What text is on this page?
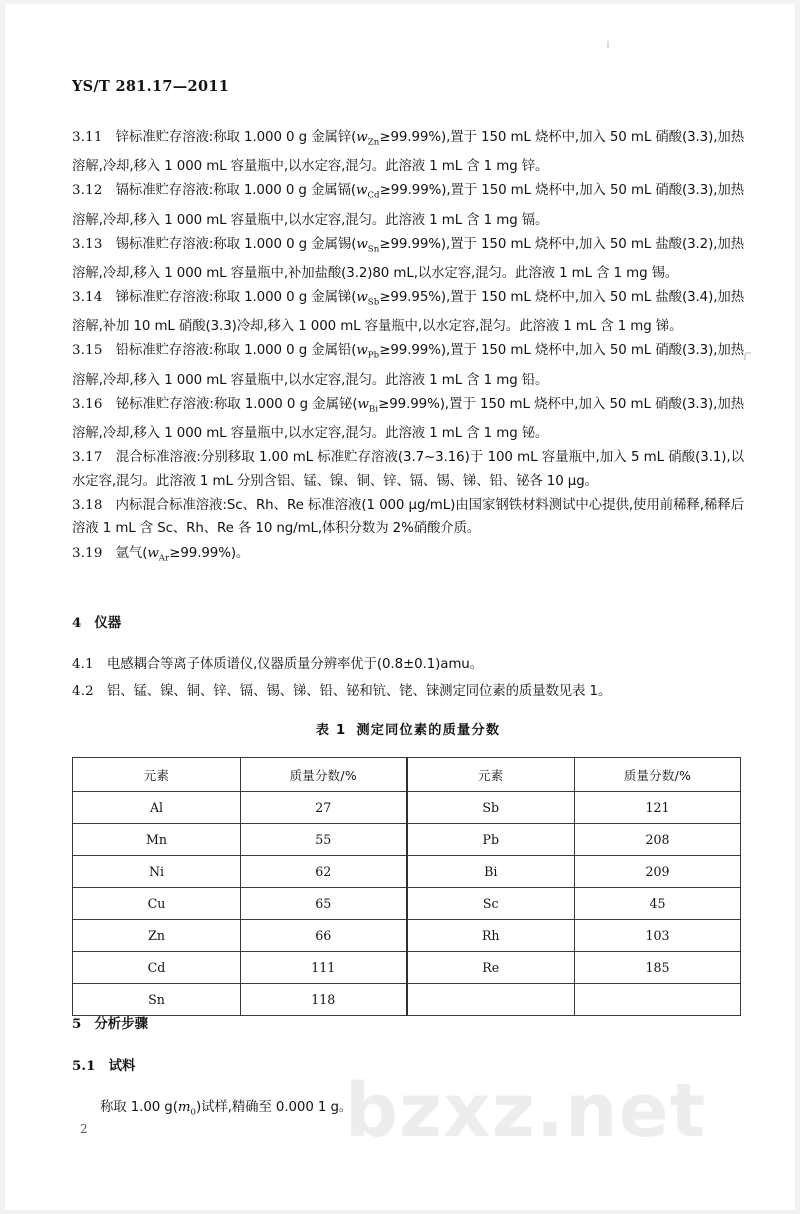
bzxz.net
YS/T 281.17—2011

3.11 锌标准贮存溶液:称取 1.000 0 g 金属锌$(w_{Zn}\ge 99.99\%)$,置于 150 mL 烧杯中,加入 50 mL 硝酸(3.3),加热溶解,冷却,移入 1 000 mL 容量瓶中,以水定容,混匀。此溶液 1 mL 含 1 mg 锌。

3.12 镉标准贮存溶液:称取 1.000 0 g 金属镉$(w_{Cd}\ge 99.99\%)$,置于 150 mL 烧杯中,加入 50 mL 硝酸(3.3),加热溶解,冷却,移入 1 000 mL 容量瓶中,以水定容,混匀。此溶液 1 mL 含 1 mg 镉。

3.13 锡标准贮存溶液:称取 1.000 0 g 金属锡$(w_{Sn}\ge 99.99\%)$,置于 150 mL 烧杯中,加入 50 mL 盐酸(3.2),加热溶解,冷却,移入 1 000 mL 容量瓶中,补加盐酸(3.2)80 mL,以水定容,混匀。此溶液 1 mL 含 1 mg 锡。

3.14 锑标准贮存溶液:称取 1.000 0 g 金属锑$(w_{Sb}\ge 99.95\%)$,置于 150 mL 烧杯中,加入 50 mL 盐酸(3.4),加热溶解,补加 10 mL 硝酸(3.3)冷却,移入 1 000 mL 容量瓶中,以水定容,混匀。此溶液 1 mL 含 1 mg 锑。

3.15 铅标准贮存溶液:称取 1.000 0 g 金属铅$(w_{Pb}\ge 99.99\%)$,置于 150 mL 烧杯中,加入 50 mL 硝酸(3.3),加热溶解,冷却,移入 1 000 mL 容量瓶中,以水定容,混匀。此溶液 1 mL 含 1 mg 铅。

3.16 铋标准贮存溶液:称取 1.000 0 g 金属铋$(w_{Bi}\ge 99.99\%)$,置于 150 mL 烧杯中,加入 50 mL 硝酸(3.3),加热溶解,冷却,移入 1 000 mL 容量瓶中,以水定容,混匀。此溶液 1 mL 含 1 mg 铋。

3.17 混合标准溶液:分别移取 1.00 mL 标准贮存溶液(3.7~3.16)于 100 mL 容量瓶中,加入 5 mL 硝酸(3.1),以水定容,混匀。此溶液 1 mL 分别含铝、锰、镍、铜、锌、镉、锡、锑、铅、铋各 10 μg。

3.18 内标混合标准溶液:Sc、Rh、Re 标准溶液(1 000 μg/mL)由国家钢铁材料测试中心提供,使用前稀释,稀释后溶液 1 mL 含 Sc、Rh、Re 各 10 ng/mL,体积分数为 2%硝酸介质。

3.19 氩气$(w_{Ar}\ge 99.99\%)$。

4 仪器

4.1 电感耦合等离子体质谱仪,仪器质量分辨率优于(0.8±0.1)amu。

4.2 铝、锰、镍、铜、锌、镉、锡、锑、铅、铋和钪、铑、铼测定同位素的质量数见表 1。

表 1 测定同位素的质量分数
元素	质量分数/%	元素	质量分数/%
Al	27	Sb	121
Mn	55	Pb	208
Ni	62	Bi	209
Cu	65	Sc	45
Zn	66	Rh	103
Cd	111	Re	185
Sn	118		

5 分析步骤

5.1 试料

称取 1.00 $g(m_0)$试样,精确至 0.000 1 g。

2
